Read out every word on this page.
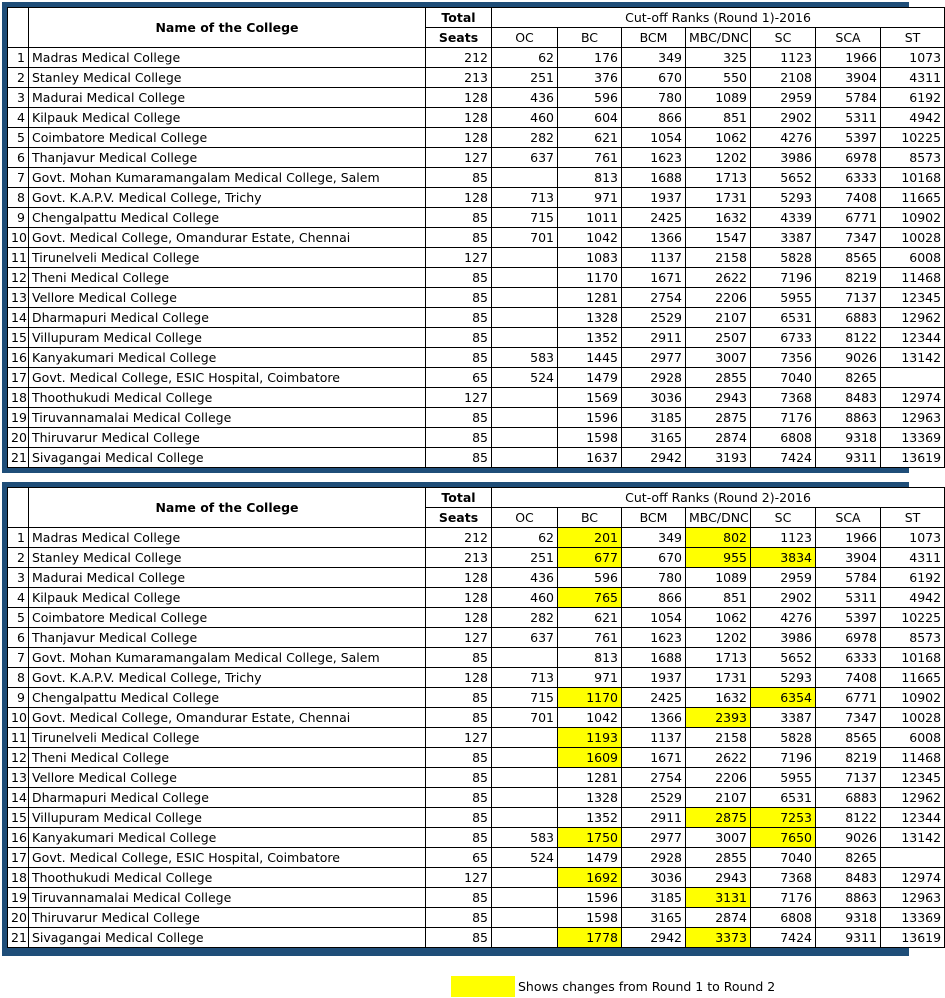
	Name of the College	Total	Cut-off Ranks (Round 1)-2016						
		Seats	OC	BC	BCM	MBC/DNC	SC	SCA	ST
1	Madras Medical College	212	62	176	349	325	1123	1966	1073
2	Stanley Medical College	213	251	376	670	550	2108	3904	4311
3	Madurai Medical College	128	436	596	780	1089	2959	5784	6192
4	Kilpauk Medical College	128	460	604	866	851	2902	5311	4942
5	Coimbatore Medical College	128	282	621	1054	1062	4276	5397	10225
6	Thanjavur Medical College	127	637	761	1623	1202	3986	6978	8573
7	Govt. Mohan Kumaramangalam Medical College, Salem	85		813	1688	1713	5652	6333	10168
8	Govt. K.A.P.V. Medical College, Trichy	128	713	971	1937	1731	5293	7408	11665
9	Chengalpattu Medical College	85	715	1011	2425	1632	4339	6771	10902
10	Govt. Medical College, Omandurar Estate, Chennai	85	701	1042	1366	1547	3387	7347	10028
11	Tirunelveli Medical College	127		1083	1137	2158	5828	8565	6008
12	Theni Medical College	85		1170	1671	2622	7196	8219	11468
13	Vellore Medical College	85		1281	2754	2206	5955	7137	12345
14	Dharmapuri Medical College	85		1328	2529	2107	6531	6883	12962
15	Villupuram Medical College	85		1352	2911	2507	6733	8122	12344
16	Kanyakumari Medical College	85	583	1445	2977	3007	7356	9026	13142
17	Govt. Medical College, ESIC Hospital, Coimbatore	65	524	1479	2928	2855	7040	8265	
18	Thoothukudi Medical College	127		1569	3036	2943	7368	8483	12974
19	Tiruvannamalai Medical College	85		1596	3185	2875	7176	8863	12963
20	Thiruvarur Medical College	85		1598	3165	2874	6808	9318	13369
21	Sivagangai Medical College	85		1637	2942	3193	7424	9311	13619
	Name of the College	Total	Cut-off Ranks (Round 2)-2016						
		Seats	OC	BC	BCM	MBC/DNC	SC	SCA	ST
1	Madras Medical College	212	62	201	349	802	1123	1966	1073
2	Stanley Medical College	213	251	677	670	955	3834	3904	4311
3	Madurai Medical College	128	436	596	780	1089	2959	5784	6192
4	Kilpauk Medical College	128	460	765	866	851	2902	5311	4942
5	Coimbatore Medical College	128	282	621	1054	1062	4276	5397	10225
6	Thanjavur Medical College	127	637	761	1623	1202	3986	6978	8573
7	Govt. Mohan Kumaramangalam Medical College, Salem	85		813	1688	1713	5652	6333	10168
8	Govt. K.A.P.V. Medical College, Trichy	128	713	971	1937	1731	5293	7408	11665
9	Chengalpattu Medical College	85	715	1170	2425	1632	6354	6771	10902
10	Govt. Medical College, Omandurar Estate, Chennai	85	701	1042	1366	2393	3387	7347	10028
11	Tirunelveli Medical College	127		1193	1137	2158	5828	8565	6008
12	Theni Medical College	85		1609	1671	2622	7196	8219	11468
13	Vellore Medical College	85		1281	2754	2206	5955	7137	12345
14	Dharmapuri Medical College	85		1328	2529	2107	6531	6883	12962
15	Villupuram Medical College	85		1352	2911	2875	7253	8122	12344
16	Kanyakumari Medical College	85	583	1750	2977	3007	7650	9026	13142
17	Govt. Medical College, ESIC Hospital, Coimbatore	65	524	1479	2928	2855	7040	8265	
18	Thoothukudi Medical College	127		1692	3036	2943	7368	8483	12974
19	Tiruvannamalai Medical College	85		1596	3185	3131	7176	8863	12963
20	Thiruvarur Medical College	85		1598	3165	2874	6808	9318	13369
21	Sivagangai Medical College	85		1778	2942	3373	7424	9311	13619
Shows changes from Round 1 to Round 2
